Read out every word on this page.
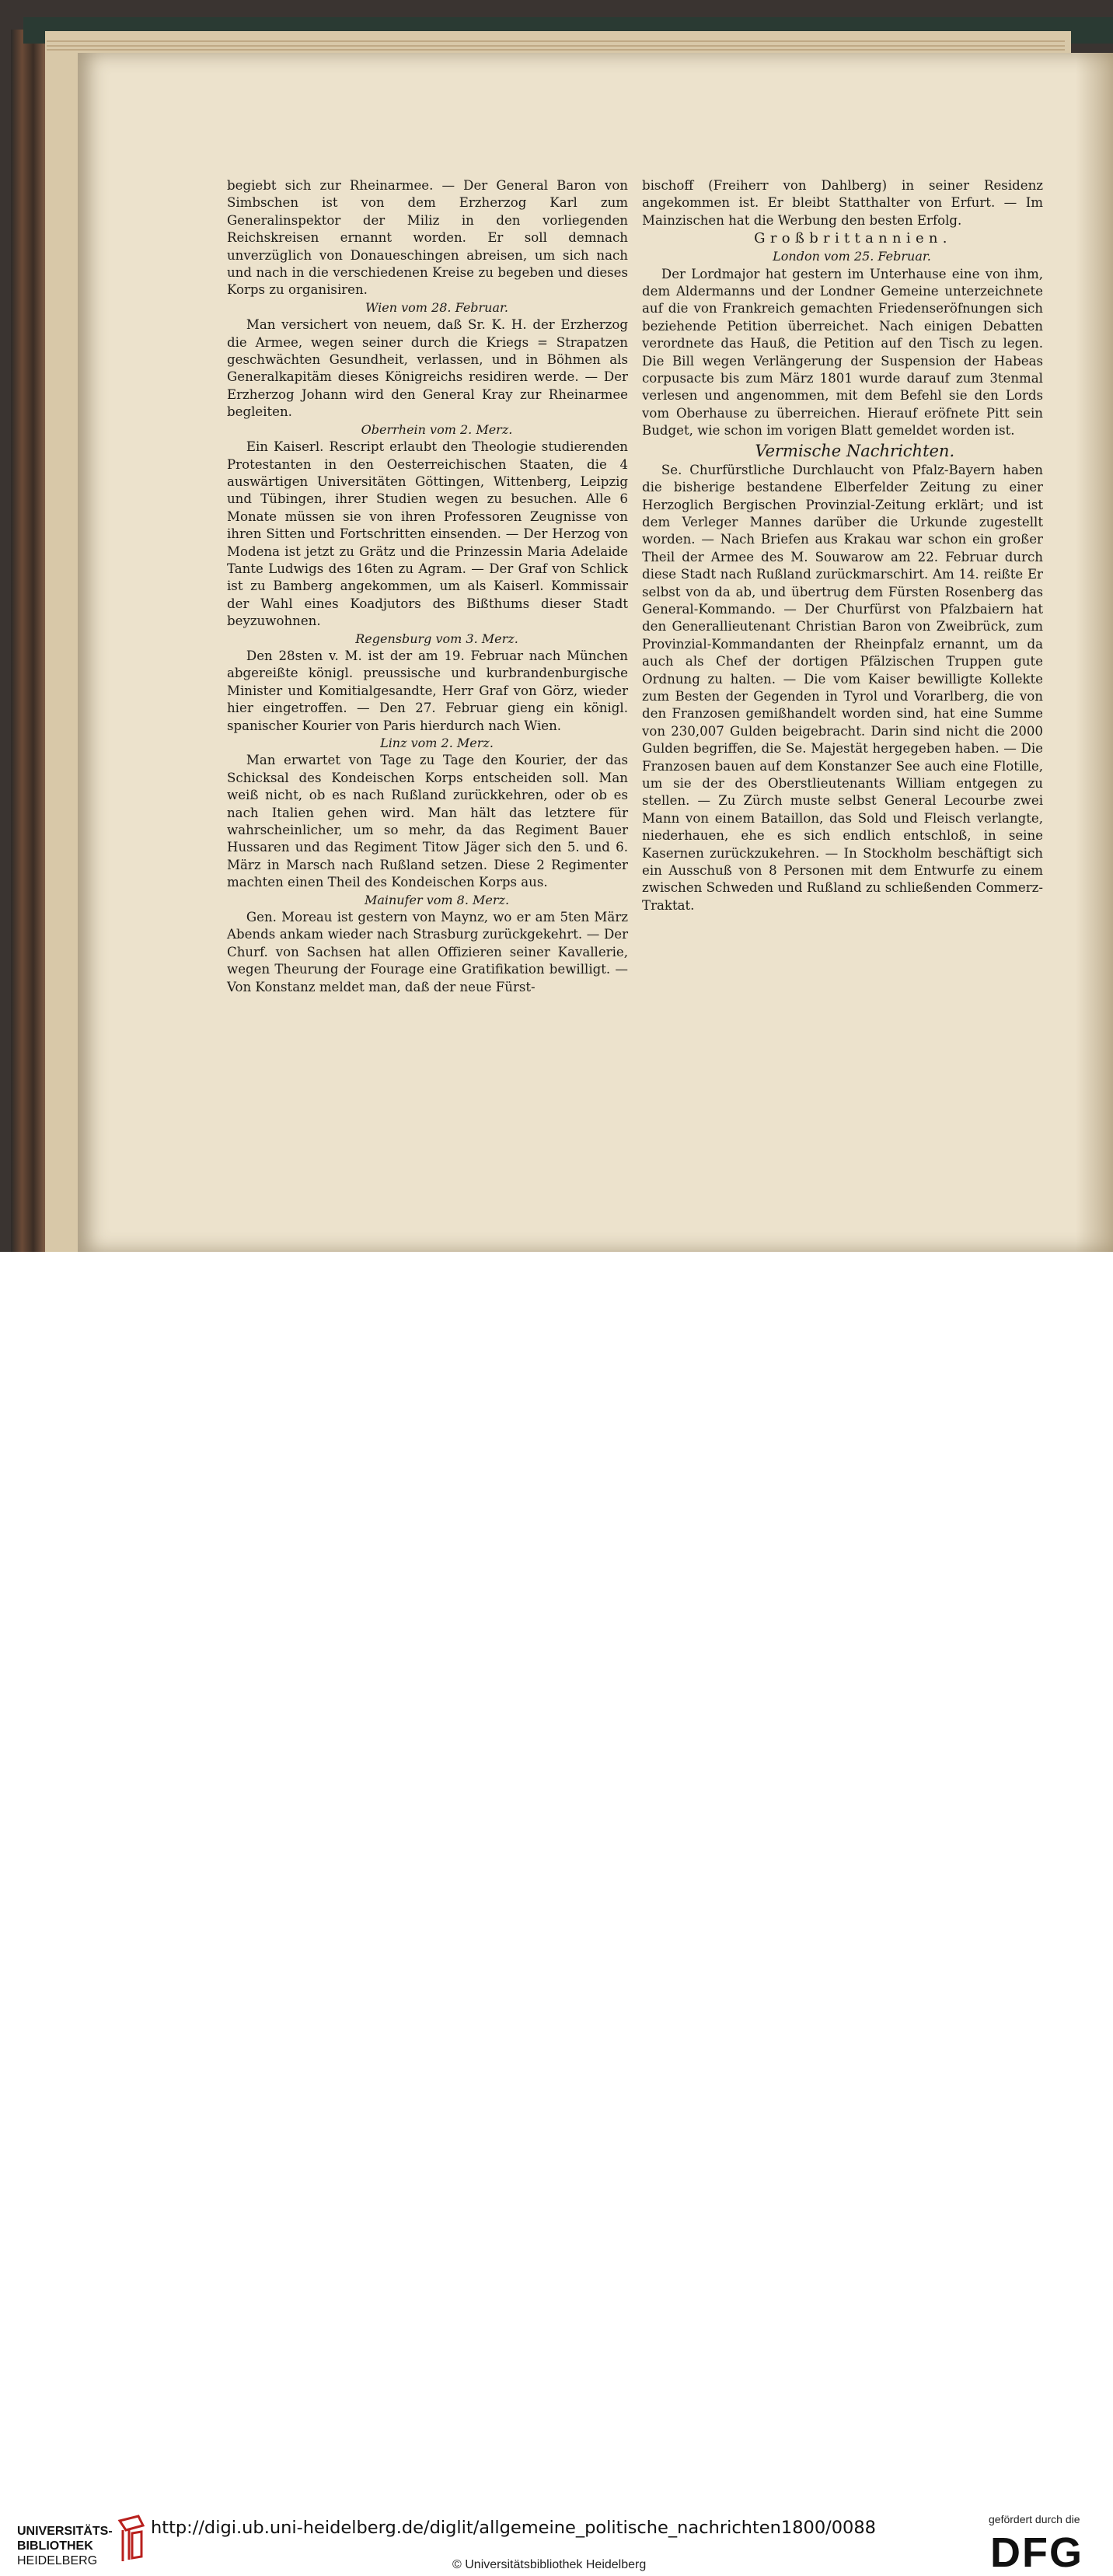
begiebt sich zur Rheinarmee. — Der General Baron von Simbschen ist von dem Erzherzog Karl zum Generalinspektor der Miliz in den vorliegenden Reichskreisen ernannt worden. Er soll demnach unverzüglich von Donaueschingen abreisen, um sich nach und nach in die verschiedenen Kreise zu begeben und dieses Korps zu organisiren.

Wien vom 28. Februar.

Man versichert von neuem, daß Sr. K. H. der Erzherzog die Armee, wegen seiner durch die Kriegs = Strapatzen geschwächten Gesundheit, verlassen, und in Böhmen als Generalkapitäm dieses Königreichs residiren werde. — Der Erzherzog Johann wird den General Kray zur Rheinarmee begleiten.

Oberrhein vom 2. Merz.

Ein Kaiserl. Rescript erlaubt den Theologie studierenden Protestanten in den Oesterreichischen Staaten, die 4 auswärtigen Universitäten Göttingen, Wittenberg, Leipzig und Tübingen, ihrer Studien wegen zu besuchen. Alle 6 Monate müssen sie von ihren Professoren Zeugnisse von ihren Sitten und Fortschritten einsenden. — Der Herzog von Modena ist jetzt zu Grätz und die Prinzessin Maria Adelaide Tante Ludwigs des 16ten zu Agram. — Der Graf von Schlick ist zu Bamberg angekommen, um als Kaiserl. Kommissair der Wahl eines Koadjutors des Bißthums dieser Stadt beyzuwohnen.

Regensburg vom 3. Merz.

Den 28sten v. M. ist der am 19. Februar nach München abgereißte königl. preussische und kurbrandenburgische Minister und Komitialgesandte, Herr Graf von Görz, wieder hier eingetroffen. — Den 27. Februar gieng ein königl. spanischer Kourier von Paris hierdurch nach Wien.

Linz vom 2. Merz.

Man erwartet von Tage zu Tage den Kourier, der das Schicksal des Kondeischen Korps entscheiden soll. Man weiß nicht, ob es nach Rußland zurückkehren, oder ob es nach Italien gehen wird. Man hält das letztere für wahrscheinlicher, um so mehr, da das Regiment Bauer Hussaren und das Regiment Titow Jäger sich den 5. und 6. März in Marsch nach Rußland setzen. Diese 2 Regimenter machten einen Theil des Kondeischen Korps aus.

Mainufer vom 8. Merz.

Gen. Moreau ist gestern von Maynz, wo er am 5ten März Abends ankam wieder nach Strasburg zurückgekehrt. — Der Churf. von Sachsen hat allen Offizieren seiner Kavallerie, wegen Theurung der Fourage eine Gratifikation bewilligt. — Von Konstanz meldet man, daß der neue Fürst-

bischoff (Freiherr von Dahlberg) in seiner Residenz angekommen ist. Er bleibt Statthalter von Erfurt. — Im Mainzischen hat die Werbung den besten Erfolg.

Großbrittannien.

London vom 25. Februar.

Der Lordmajor hat gestern im Unterhause eine von ihm, dem Aldermanns und der Londner Gemeine unterzeichnete auf die von Frankreich gemachten Friedenseröfnungen sich beziehende Petition überreichet. Nach einigen Debatten verordnete das Hauß, die Petition auf den Tisch zu legen. Die Bill wegen Verlängerung der Suspension der Habeas corpusacte bis zum März 1801 wurde darauf zum 3tenmal verlesen und angenommen, mit dem Befehl sie den Lords vom Oberhause zu überreichen. Hierauf eröfnete Pitt sein Budget, wie schon im vorigen Blatt gemeldet worden ist.

Vermische Nachrichten.

Se. Churfürstliche Durchlaucht von Pfalz-Bayern haben die bisherige bestandene Elberfelder Zeitung zu einer Herzoglich Bergischen Provinzial-Zeitung erklärt; und ist dem Verleger Mannes darüber die Urkunde zugestellt worden. — Nach Briefen aus Krakau war schon ein großer Theil der Armee des M. Souwarow am 22. Februar durch diese Stadt nach Rußland zurückmarschirt. Am 14. reißte Er selbst von da ab, und übertrug dem Fürsten Rosenberg das General-Kommando. — Der Churfürst von Pfalzbaiern hat den Generallieutenant Christian Baron von Zweibrück, zum Provinzial-Kommandanten der Rheinpfalz ernannt, um da auch als Chef der dortigen Pfälzischen Truppen gute Ordnung zu halten. — Die vom Kaiser bewilligte Kollekte zum Besten der Gegenden in Tyrol und Vorarlberg, die von den Franzosen gemißhandelt worden sind, hat eine Summe von 230,007 Gulden beigebracht. Darin sind nicht die 2000 Gulden begriffen, die Se. Majestät hergegeben haben. — Die Franzosen bauen auf dem Konstanzer See auch eine Flotille, um sie der des Oberstlieutenants William entgegen zu stellen. — Zu Zürch muste selbst General Lecourbe zwei Mann von einem Bataillon, das Sold und Fleisch verlangte, niederhauen, ehe es sich endlich entschloß, in seine Kasernen zurückzukehren. — In Stockholm beschäftigt sich ein Ausschuß von 8 Personen mit dem Entwurfe zu einem zwischen Schweden und Rußland zu schließenden Commerz-Traktat.

UNIVERSITÄTS-
BIBLIOTHEK
HEIDELBERG
http://digi.ub.uni-heidelberg.de/diglit/allgemeine_politische_nachrichten1800/0088
© Universitätsbibliothek Heidelberg
gefördert durch die
DFG
